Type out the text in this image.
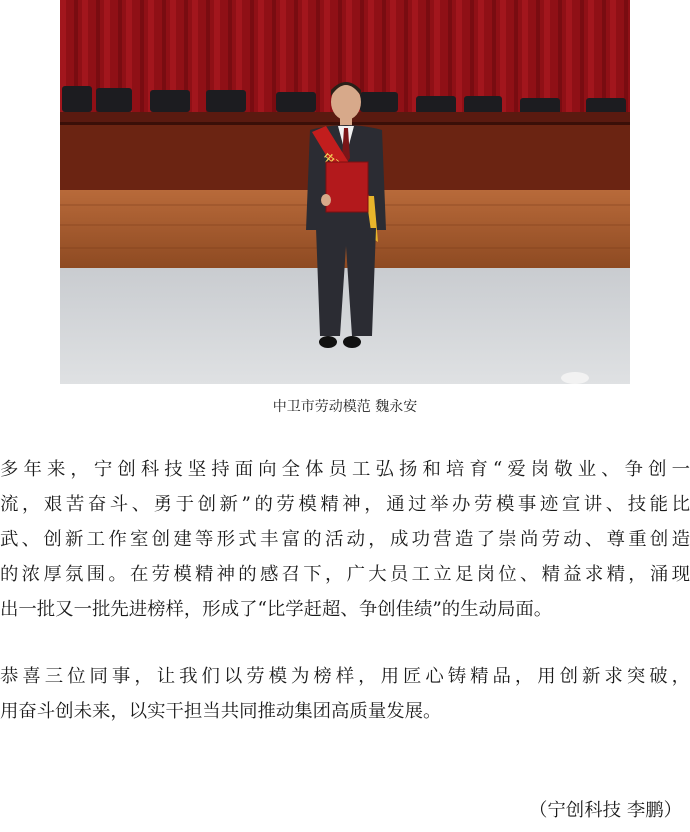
中卫市劳动模范 魏永安
多年来，宁创科技坚持面向全体员工弘扬和培育“爱岗敬业、争创一
流，艰苦奋斗、勇于创新”的劳模精神，通过举办劳模事迹宣讲、技能比
武、创新工作室创建等形式丰富的活动，成功营造了崇尚劳动、尊重创造
的浓厚氛围。在劳模精神的感召下，广大员工立足岗位、精益求精，涌现
出一批又一批先进榜样，形成了“比学赶超、争创佳绩”的生动局面。
恭喜三位同事，让我们以劳模为榜样，用匠心铸精品，用创新求突破，
用奋斗创未来，以实干担当共同推动集团高质量发展。
（宁创科技 李鹏）
